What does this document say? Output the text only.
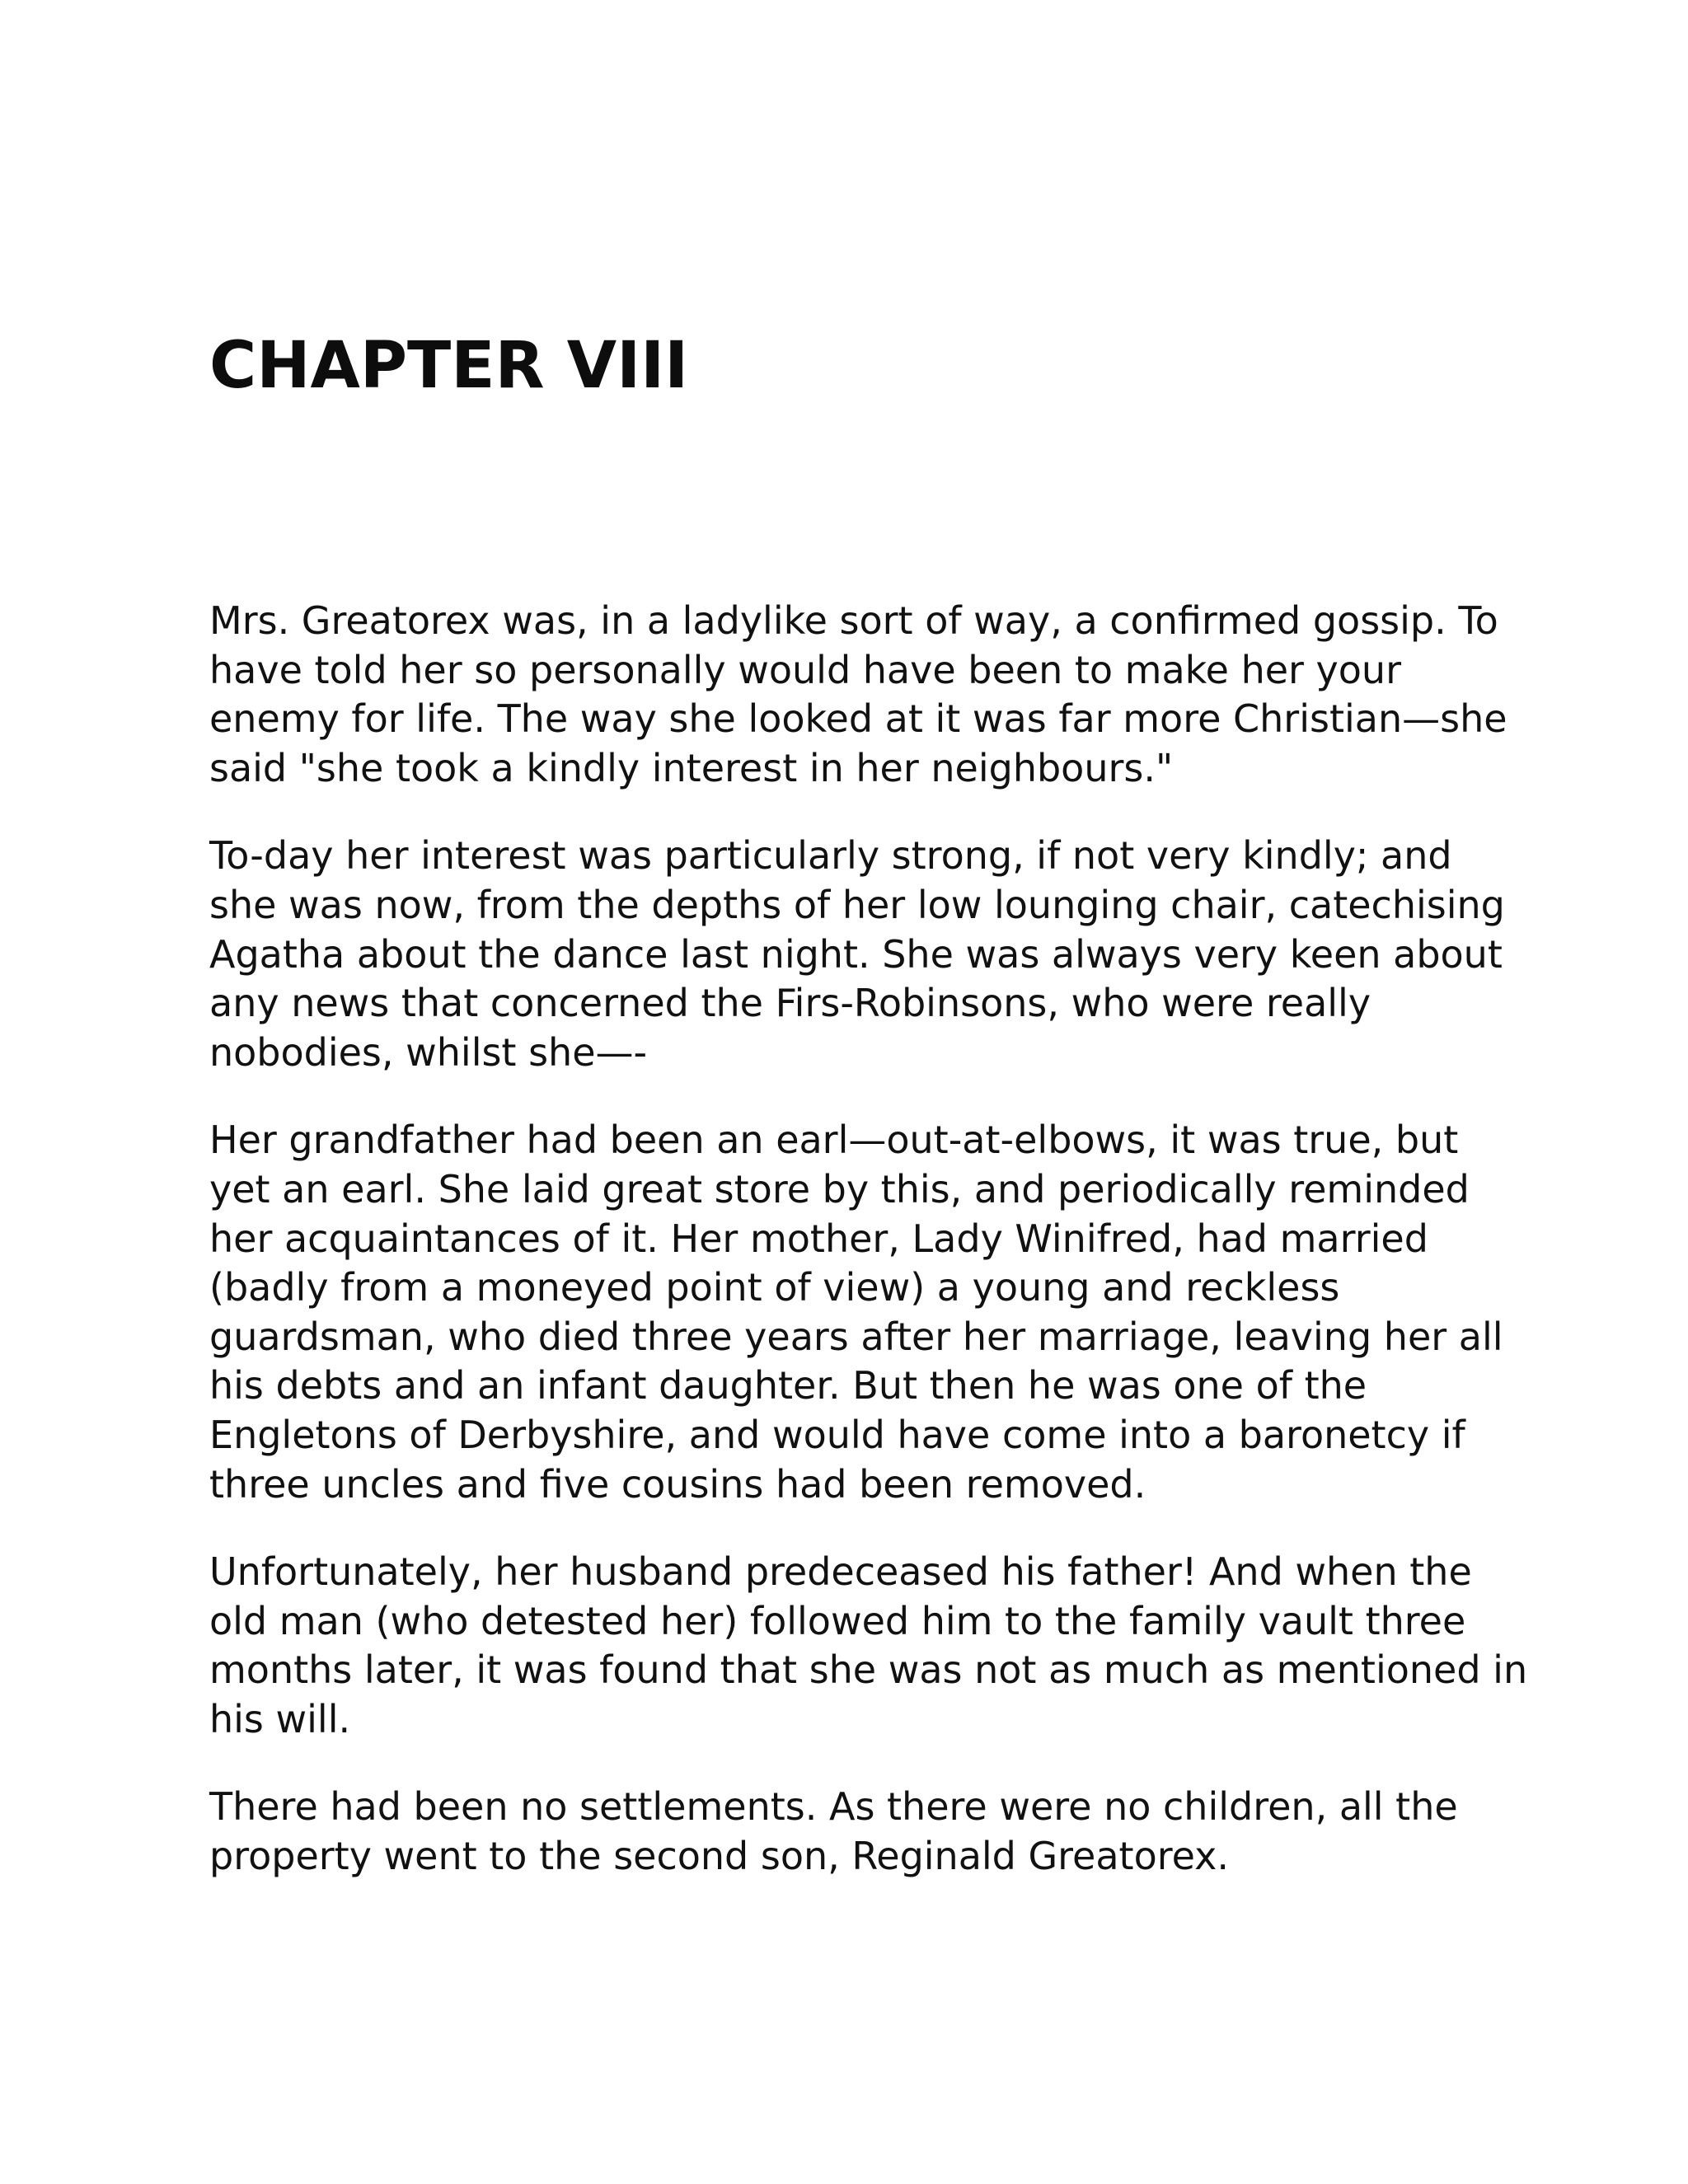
CHAPTER VIII

Mrs. Greatorex was, in a ladylike sort of way, a confirmed gossip. To
have told her so personally would have been to make her your
enemy for life. The way she looked at it was far more Christian—she
said "she took a kindly interest in her neighbours."

To-day her interest was particularly strong, if not very kindly; and
she was now, from the depths of her low lounging chair, catechising
Agatha about the dance last night. She was always very keen about
any news that concerned the Firs-Robinsons, who were really
nobodies, whilst she—-

Her grandfather had been an earl—out-at-elbows, it was true, but
yet an earl. She laid great store by this, and periodically reminded
her acquaintances of it. Her mother, Lady Winifred, had married
(badly from a moneyed point of view) a young and reckless
guardsman, who died three years after her marriage, leaving her all
his debts and an infant daughter. But then he was one of the
Engletons of Derbyshire, and would have come into a baronetcy if
three uncles and five cousins had been removed.

Unfortunately, her husband predeceased his father! And when the
old man (who detested her) followed him to the family vault three
months later, it was found that she was not as much as mentioned in
his will.

There had been no settlements. As there were no children, all the
property went to the second son, Reginald Greatorex.
